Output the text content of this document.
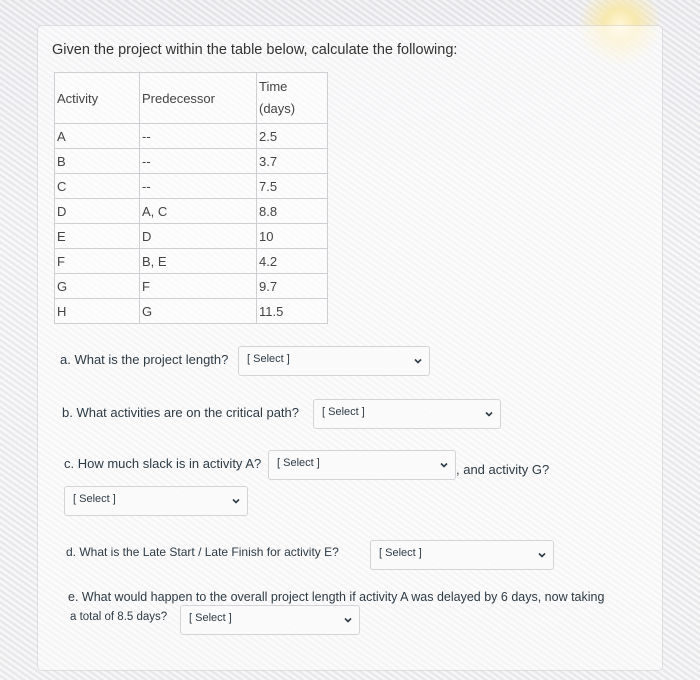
Given the project within the table below, calculate the following:
Activity	Predecessor	Time
(days)

A	--	2.5
B	--	3.7
C	--	7.5
D	A, C	8.8
E	D	10
F	B, E	4.2
G	F	9.7
H	G	11.5
a. What is the project length? [ Select ]
b. What activities are on the critical path? [ Select ]
c. How much slack is in activity A? [ Select ]	, and activity G?
[ Select ]
d. What is the Late Start / Late Finish for activity E?	[ Select ]
e. What would happen to the overall project length if activity A was delayed by 6 days, now taking
a total of 8.5 days? [ Select ]
